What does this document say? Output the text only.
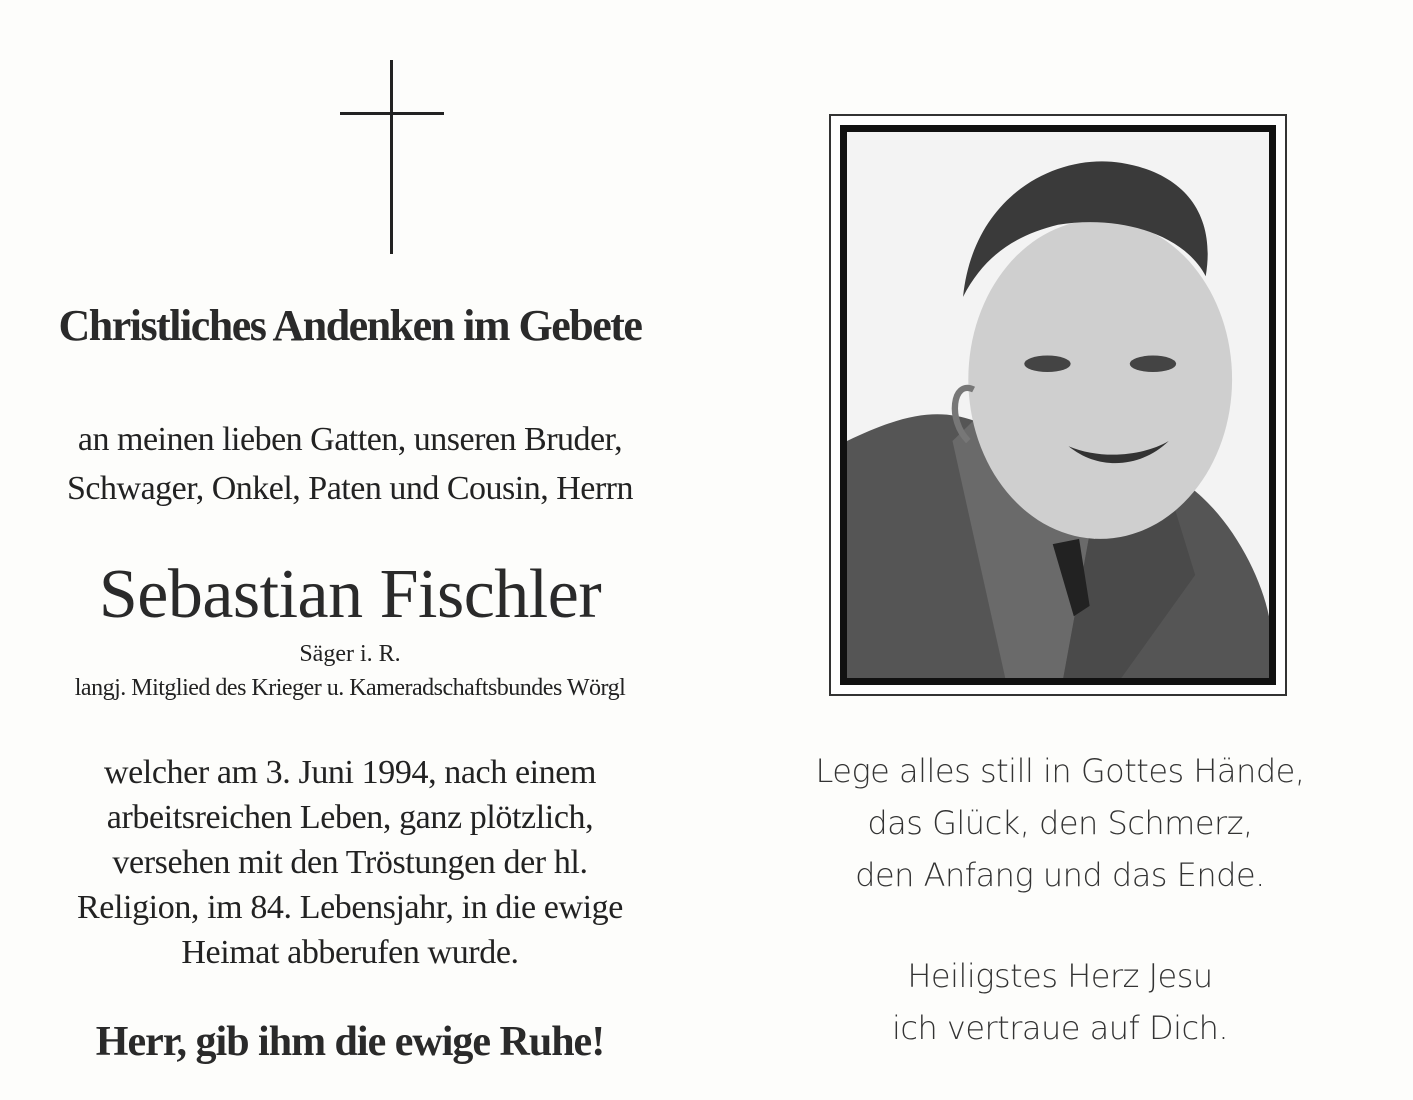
Christliches Andenken im Gebete
an meinen lieben Gatten, unseren Bruder,
Schwager, Onkel, Paten und Cousin, Herrn
Sebastian Fischler
Säger i. R.
langj. Mitglied des Krieger u. Kameradschaftsbundes Wörgl
welcher am 3. Juni 1994, nach einem
arbeitsreichen Leben, ganz plötzlich,
versehen mit den Tröstungen der hl.
Religion, im 84. Lebensjahr, in die ewige
Heimat abberufen wurde.
Herr, gib ihm die ewige Ruhe!
Lege alles still in Gottes Hände,
das Glück, den Schmerz,
den Anfang und das Ende.
Heiligstes Herz Jesu
ich vertraue auf Dich.
